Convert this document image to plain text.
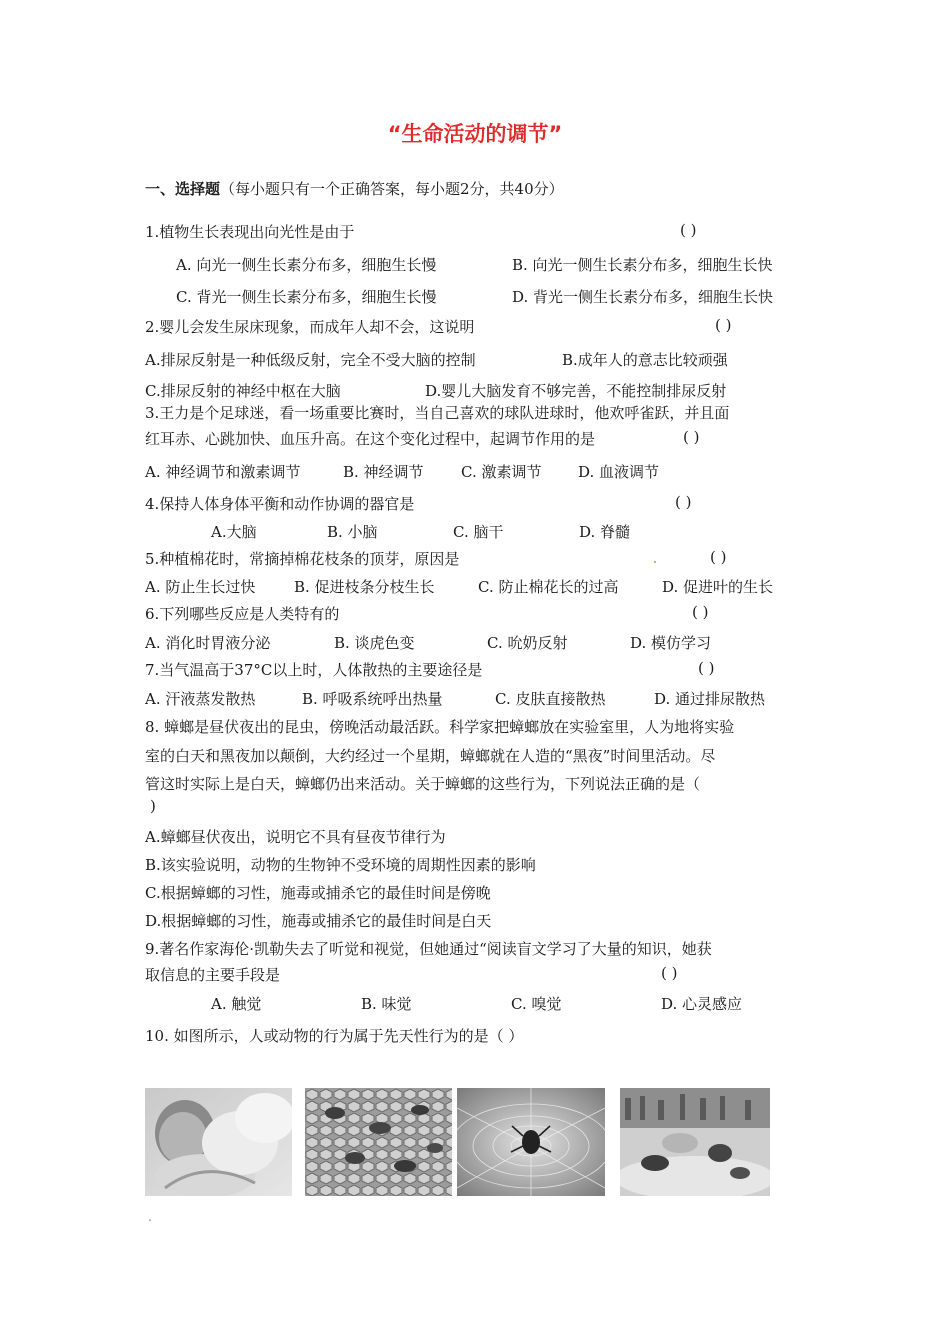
“生命活动的调节”
一、选择题（每小题只有一个正确答案，每小题2分，共40分）
1.植物生长表现出向光性是由于	( )
A. 向光一侧生长素分布多，细胞生长慢	B. 向光一侧生长素分布多，细胞生长快
C. 背光一侧生长素分布多，细胞生长慢	D. 背光一侧生长素分布多，细胞生长快
2.婴儿会发生尿床现象，而成年人却不会，这说明	( )
A.排尿反射是一种低级反射，完全不受大脑的控制	B.成年人的意志比较顽强
C.排尿反射的神经中枢在大脑	D.婴儿大脑发育不够完善，不能控制排尿反射
3.王力是个足球迷，看一场重要比赛时，当自己喜欢的球队进球时，他欢呼雀跃，并且面
红耳赤、心跳加快、血压升高。在这个变化过程中，起调节作用的是	( )
A. 神经调节和激素调节	B. 神经调节 C. 激素调节 D. 血液调节
4.保持人体身体平衡和动作协调的器官是	( )
A.大脑	B. 小脑	C. 脑干	D. 脊髓
5.种植棉花时，常摘掉棉花枝条的顶芽，原因是	( )
A. 防止生长过快	B. 促进枝条分枝生长	C. 防止棉花长的过高	D. 促进叶的生长
6.下列哪些反应是人类特有的	( )
A. 消化时胃液分泌	B. 谈虎色变	C. 吮奶反射	D. 模仿学习
7.当气温高于37°C以上时，人体散热的主要途径是	( )
A. 汗液蒸发散热	B. 呼吸系统呼出热量	C. 皮肤直接散热	D. 通过排尿散热
8. 蟑螂是昼伏夜出的昆虫，傍晚活动最活跃。科学家把蟑螂放在实验室里，人为地将实验
室的白天和黑夜加以颠倒，大约经过一个星期，蟑螂就在人造的“黑夜”时间里活动。尽
管这时实际上是白天，蟑螂仍出来活动。关于蟑螂的这些行为，下列说法正确的是（
)
A.蟑螂昼伏夜出，说明它不具有昼夜节律行为
B.该实验说明，动物的生物钟不受环境的周期性因素的影响
C.根据蟑螂的习性，施毒或捕杀它的最佳时间是傍晚
D.根据蟑螂的习性，施毒或捕杀它的最佳时间是白天
9.著名作家海伦·凯勒失去了听觉和视觉，但她通过“阅读盲文学习了大量的知识，她获
取信息的主要手段是	( )
A. 触觉	B. 味觉	C. 嗅觉	D. 心灵感应
10. 如图所示，人或动物的行为属于先天性行为的是（ ）
.
